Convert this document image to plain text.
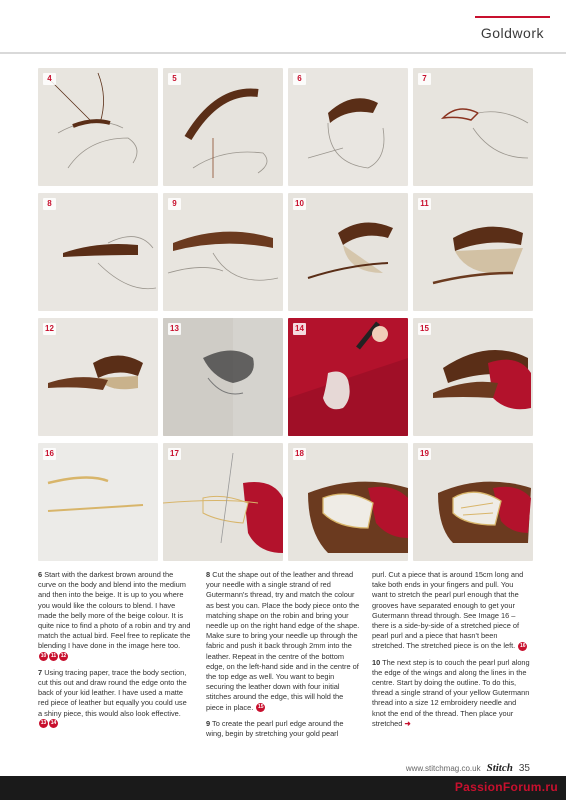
Goldwork
4	5	6	7
8	9	10	11
12	13	14	15
16	17	18	19

6 Start with the darkest brown around the curve on the body and blend into the medium and then into the beige. It is up to you where you would like the colours to blend. I have made the belly more of the beige colour. It is quite nice to find a photo of a robin and try and match the actual bird. Feel free to replicate the blending I have done in the image here too. 10 11 12

7 Using tracing paper, trace the body section, cut this out and draw round the edge onto the back of your kid leather. I have used a matte red piece of leather but equally you could use a shiny piece, this would also look effective. 13 14

8 Cut the shape out of the leather and thread your needle with a single strand of red Gutermann's thread, try and match the colour as best you can. Place the body piece onto the matching shape on the robin and bring your needle up on the right hand edge of the shape. Make sure to bring your needle up through the fabric and push it back through 2mm into the leather. Repeat in the centre of the bottom edge, on the left-hand side and in the centre of the top edge as well. You want to begin securing the leather down with four initial stitches around the edge, this will hold the piece in place. 15

9 To create the pearl purl edge around the wing, begin by stretching your gold pearl

purl. Cut a piece that is around 15cm long and take both ends in your fingers and pull. You want to stretch the pearl purl enough that the grooves have separated enough to get your Gutermann thread through. See Image 16 – there is a side-by-side of a stretched piece of pearl purl and a piece that hasn't been stretched. The stretched piece is on the left. 16

10 The next step is to couch the pearl purl along the edge of the wings and along the lines in the centre. Start by doing the outline. To do this, thread a single strand of your yellow Gutermann thread into a size 12 embroidery needle and knot the end of the thread. Then place your stretched ➜

www.stitchmag.co.uk Stitch 35
PassionForum.ru
